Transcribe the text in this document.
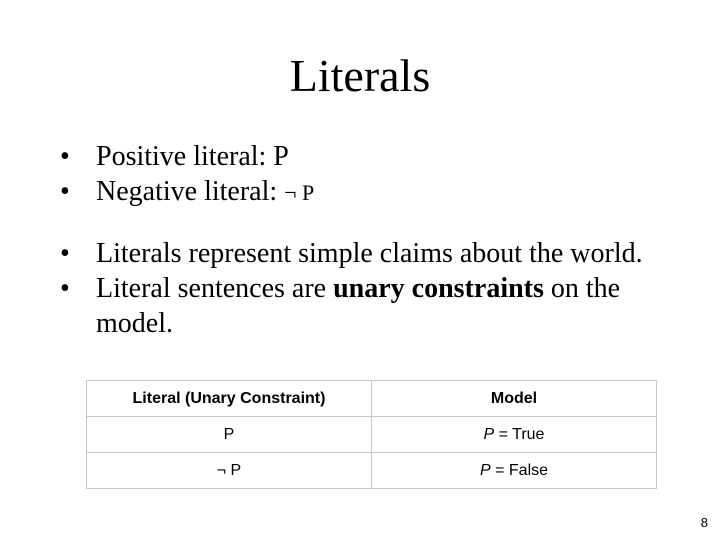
Literals
• Positive literal: P
• Negative literal: ¬ P
• Literals represent simple claims about the world.
• Literal sentences are unary constraints on the model.
Literal (Unary Constraint)	Model
P	P = True
¬ P	P = False
8
